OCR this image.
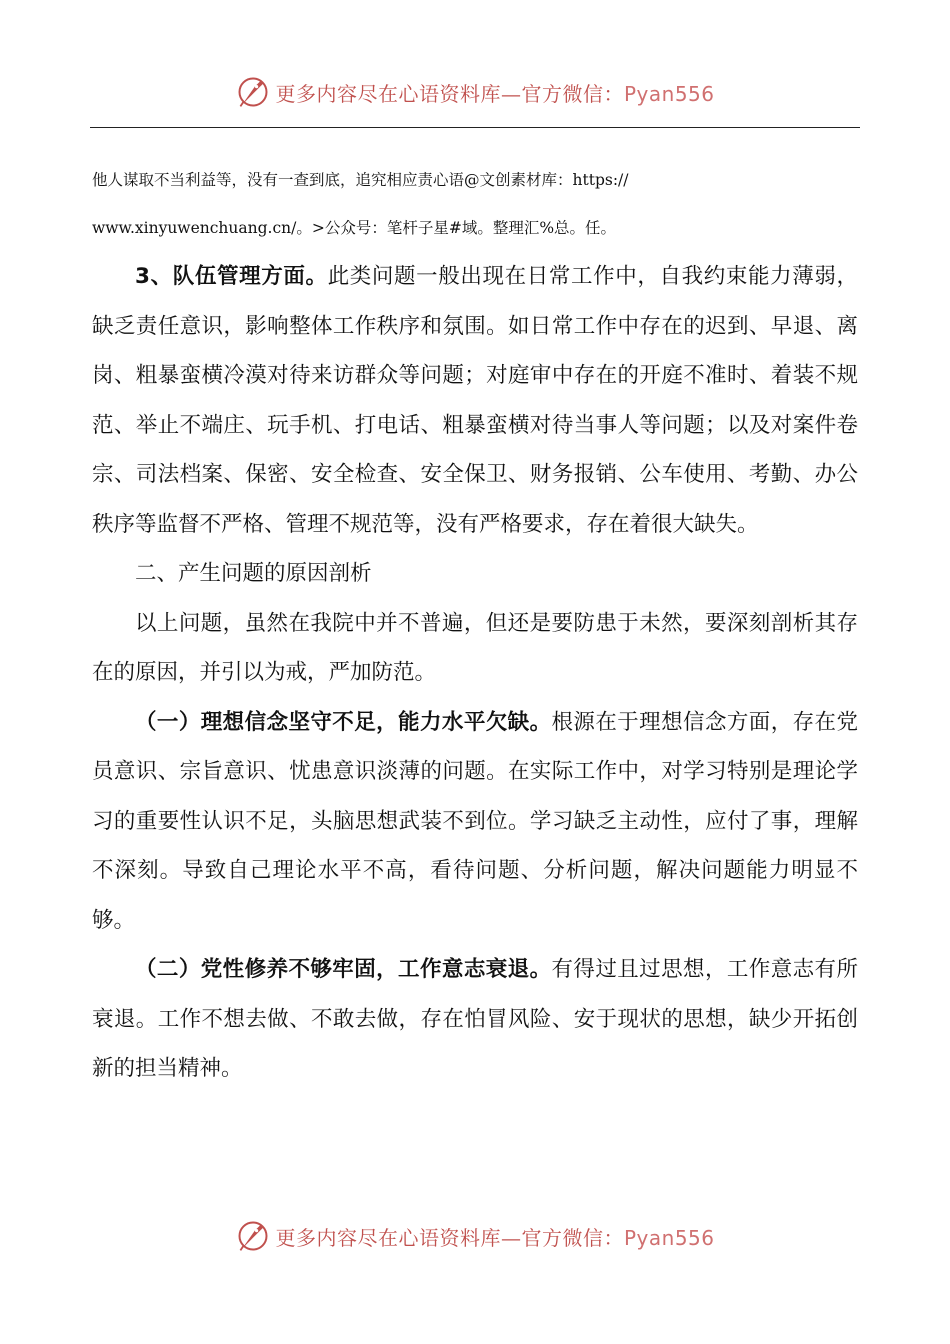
更多内容尽在心语资料库—官方微信：Pyan556
他人谋取不当利益等，没有一查到底，追究相应责心语@文创素材库：https://
www.xinyuwenchuang.cn/。>公众号：笔杆子星#域。整理汇%总。任。

3、队伍管理方面。此类问题一般出现在日常工作中，自我约束能力薄弱，缺乏责任意识，影响整体工作秩序和氛围。如日常工作中存在的迟到、早退、离岗、粗暴蛮横冷漠对待来访群众等问题；对庭审中存在的开庭不准时、着装不规范、举止不端庄、玩手机、打电话、粗暴蛮横对待当事人等问题；以及对案件卷宗、司法档案、保密、安全检查、安全保卫、财务报销、公车使用、考勤、办公秩序等监督不严格、管理不规范等，没有严格要求，存在着很大缺失。

二、产生问题的原因剖析

以上问题，虽然在我院中并不普遍，但还是要防患于未然，要深刻剖析其存在的原因，并引以为戒，严加防范。

（一）理想信念坚守不足，能力水平欠缺。根源在于理想信念方面，存在党员意识、宗旨意识、忧患意识淡薄的问题。在实际工作中，对学习特别是理论学习的重要性认识不足，头脑思想武装不到位。学习缺乏主动性，应付了事，理解不深刻。导致自己理论水平不高，看待问题、分析问题，解决问题能力明显不够。

（二）党性修养不够牢固，工作意志衰退。有得过且过思想，工作意志有所衰退。工作不想去做、不敢去做，存在怕冒风险、安于现状的思想，缺少开拓创新的担当精神。

更多内容尽在心语资料库—官方微信：Pyan556
